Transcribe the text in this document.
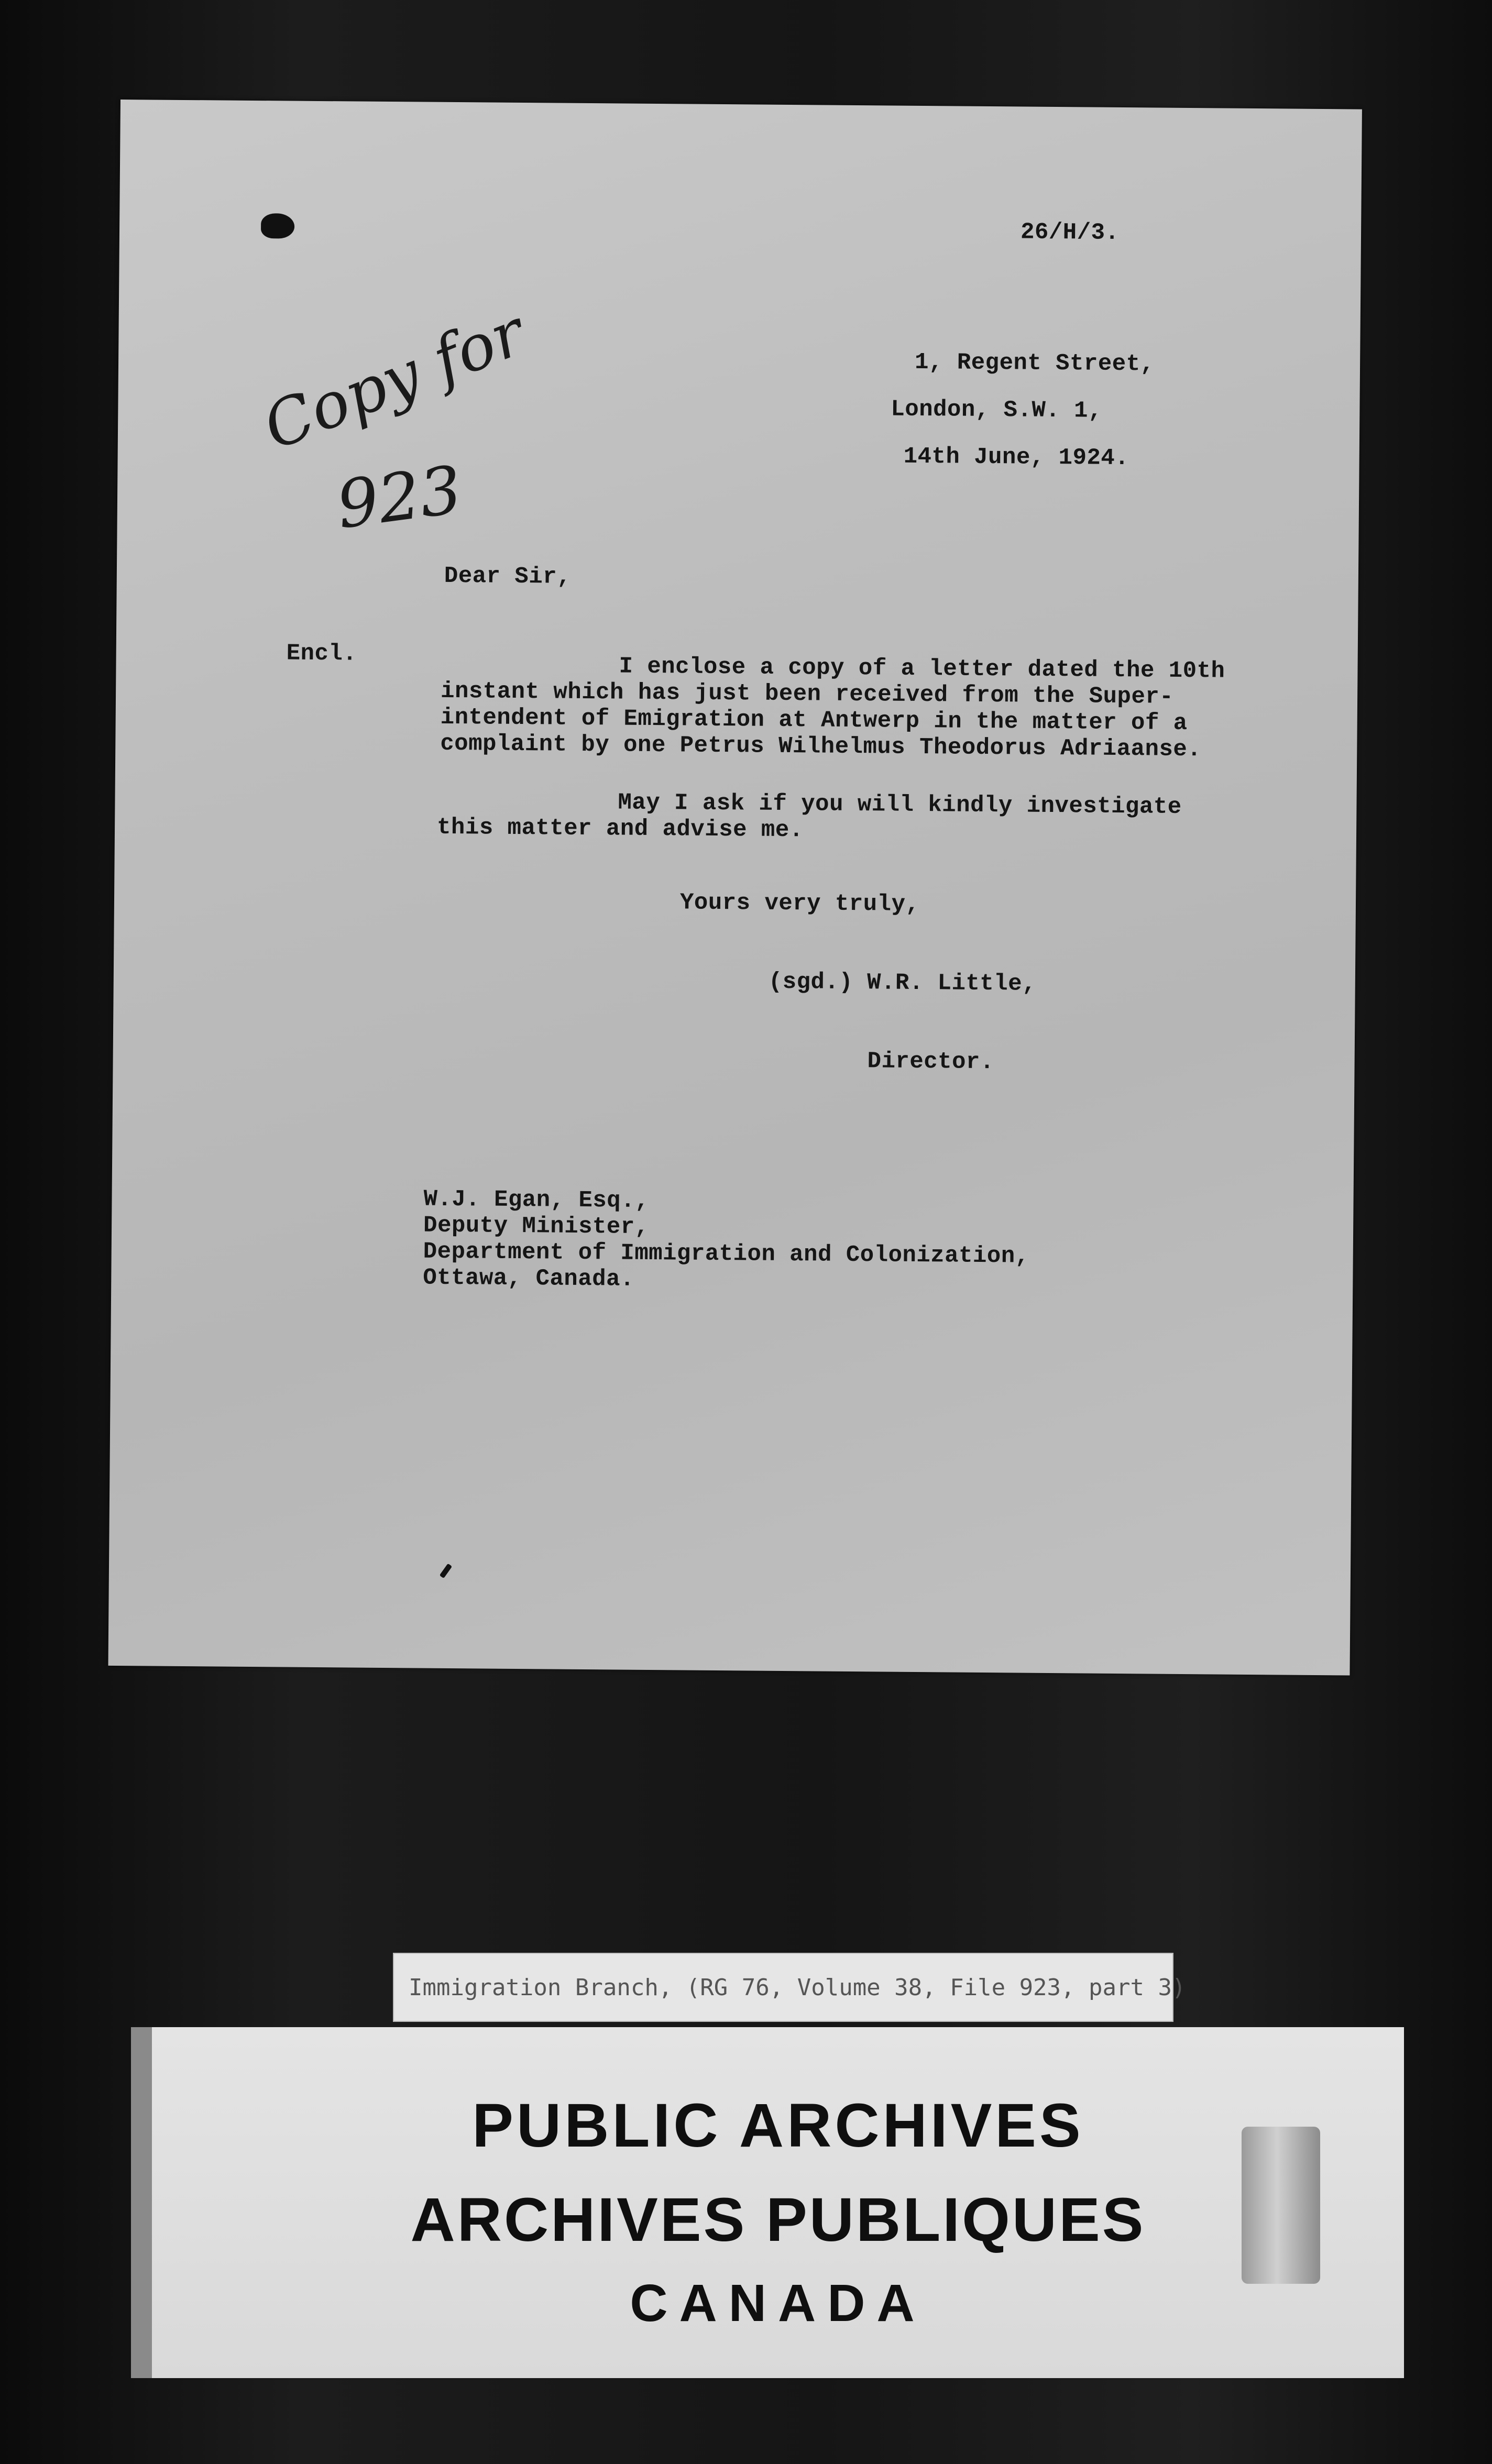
26/H/3.
Copy for
923
1, Regent Street,
London, S.W. 1,
14th June, 1924.
Dear Sir,
Encl.	I enclose a copy of a letter dated the 10th
instant which has just been received from the Super-
intendent of Emigration at Antwerp in the matter of a
complaint by one Petrus Wilhelmus Theodorus Adriaanse.
May I ask if you will kindly investigate
this matter and advise me.
Yours very truly,
(sgd.) W.R. Little,
Director.
W.J. Egan, Esq.,
Deputy Minister,
Department of Immigration and Colonization,
Ottawa, Canada.
PUBLIC ARCHIVES
ARCHIVES PUBLIQUES
CANADA
Immigration Branch, (RG 76, Volume 38, File 923, part 3)
